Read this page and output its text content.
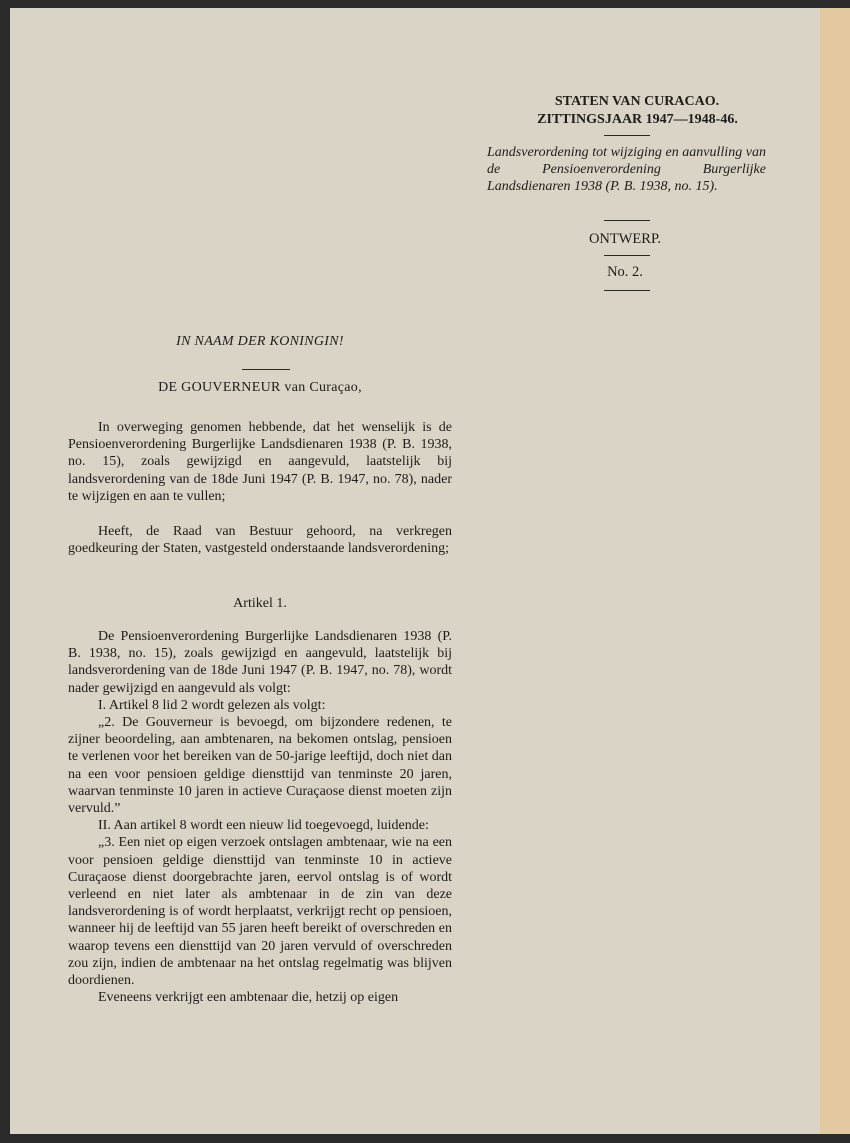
STATEN VAN CURACAO.
ZITTINGSJAAR 1947—1948-46.
Landsverordening tot wijziging en aanvulling van de Pensioenverordening Burgerlijke Landsdienaren 1938 (P. B. 1938, no. 15).
ONTWERP.
No. 2.

IN NAAM DER KONINGIN!

DE GOUVERNEUR van Curaçao,

In overweging genomen hebbende, dat het wenselijk is de Pensioenverordening Burgerlijke Landsdienaren 1938 (P. B. 1938, no. 15), zoals gewijzigd en aangevuld, laatstelijk bij landsverordening van de 18de Juni 1947 (P. B. 1947, no. 78), nader te wijzigen en aan te vullen;

Heeft, de Raad van Bestuur gehoord, na verkregen goedkeuring der Staten, vastgesteld onderstaande landsverordening;

Artikel 1.

De Pensioenverordening Burgerlijke Landsdienaren 1938 (P. B. 1938, no. 15), zoals gewijzigd en aangevuld, laatstelijk bij landsverordening van de 18de Juni 1947 (P. B. 1947, no. 78), wordt nader gewijzigd en aangevuld als volgt:

I. Artikel 8 lid 2 wordt gelezen als volgt:

„2. De Gouverneur is bevoegd, om bijzondere redenen, te zijner beoordeling, aan ambtenaren, na bekomen ontslag, pensioen te verlenen voor het bereiken van de 50-jarige leeftijd, doch niet dan na een voor pensioen geldige diensttijd van tenminste 20 jaren, waarvan tenminste 10 jaren in actieve Curaçaose dienst moeten zijn vervuld.”

II. Aan artikel 8 wordt een nieuw lid toegevoegd, luidende:

„3. Een niet op eigen verzoek ontslagen ambtenaar, wie na een voor pensioen geldige diensttijd van tenminste 10 in actieve Curaçaose dienst doorgebrachte jaren, eervol ontslag is of wordt verleend en niet later als ambtenaar in de zin van deze landsverordening is of wordt herplaatst, verkrijgt recht op pensioen, wanneer hij de leeftijd van 55 jaren heeft bereikt of overschreden en waarop tevens een diensttijd van 20 jaren vervuld of overschreden zou zijn, indien de ambtenaar na het ontslag regelmatig was blijven doordienen.

Eveneens verkrijgt een ambtenaar die, hetzij op eigen
